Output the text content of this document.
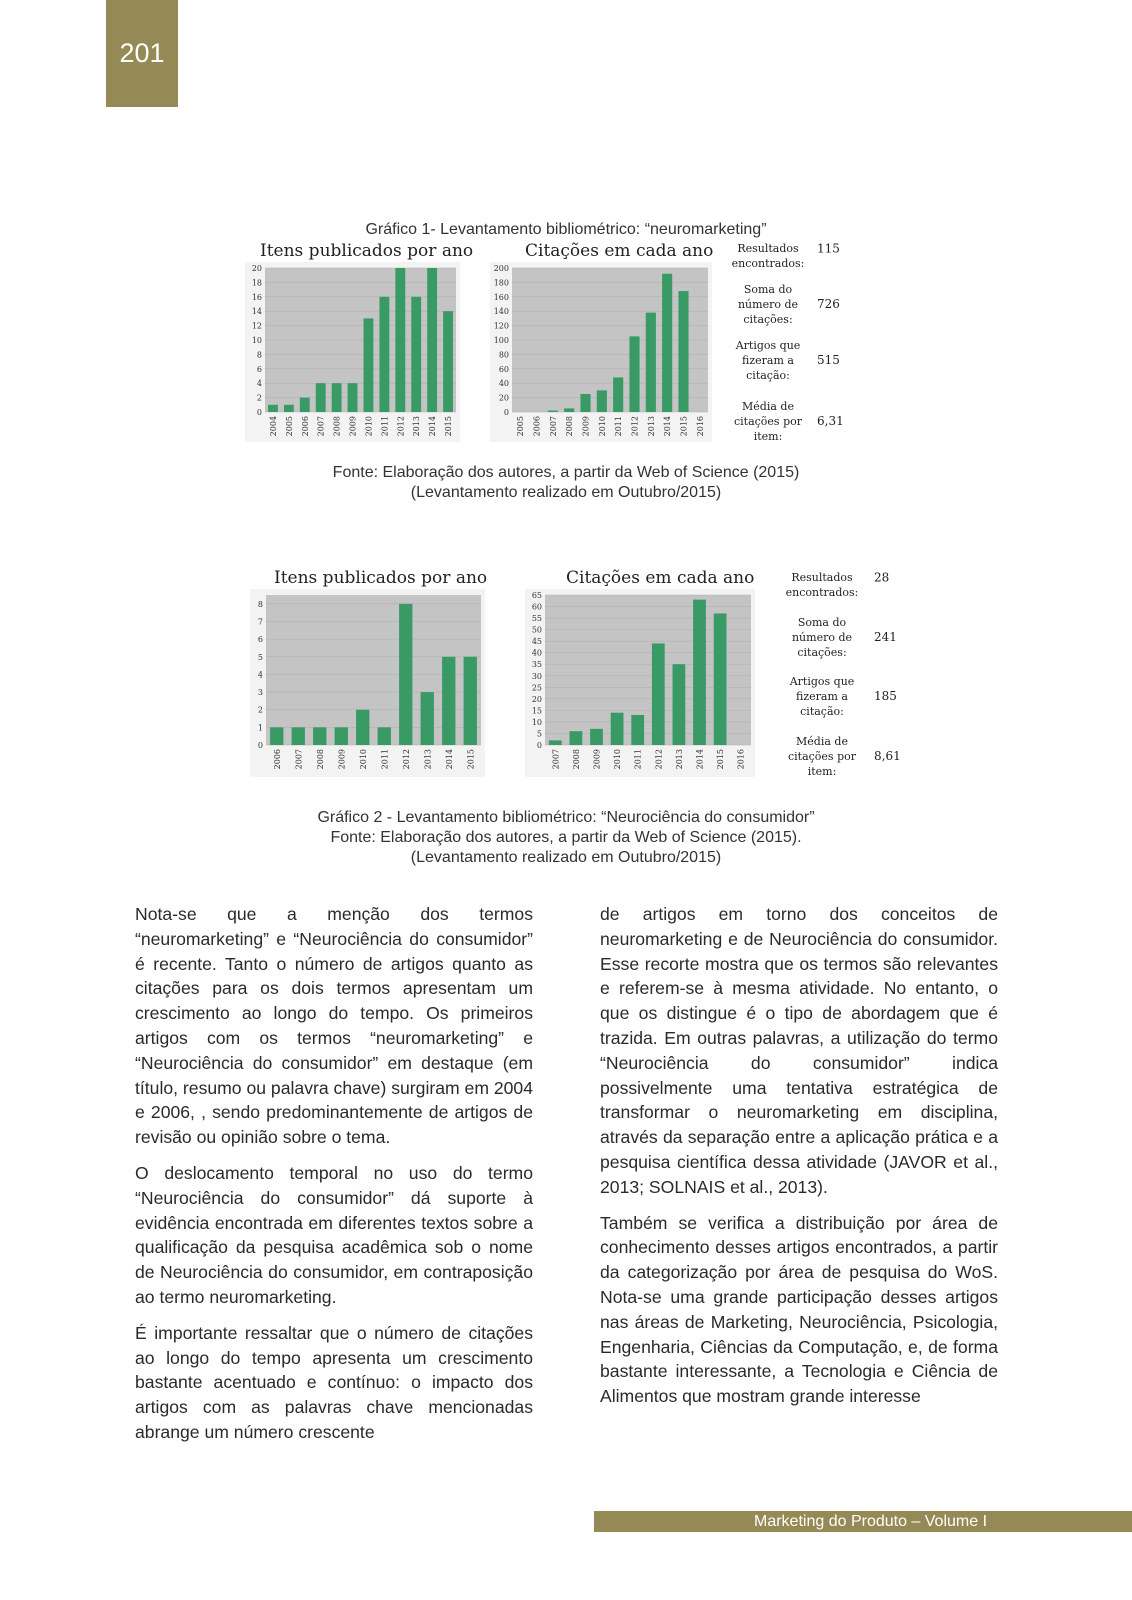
201
Gráfico 1- Levantamento bibliométrico: “neuromarketing”
Itens publicados por ano	Citações em cada ano
0
2
4
6
8
10
12
14
16
18
20
2004 2005 2006 2007 2008 2009 2010 2011 2012 2013 2014 2015
0
20
40
60
80
100
120
140
160
180
200
2005 2006 2007 2008 2009 2010 2011 2012 2013 2014 2015 2016
Resultados
encontrados:
115
Soma do
número de
citações:
726
Artigos que
fizeram a
citação:
515
Média de
citações por
item:
6,31
Fonte: Elaboração dos autores, a partir da Web of Science (2015)
(Levantamento realizado em Outubro/2015)
Itens publicados por ano	Citações em cada ano
0
1
2
3
4
5
6
7
8
2006 2007 2008 2009 2010 2011 2012 2013 2014 2015
0
5
10
15
20
25
30
35
40
45
50
55
60
65
2007 2008 2009 2010 2011 2012 2013 2014 2015 2016
Resultados
encontrados:
28
Soma do
número de
citações:
241
Artigos que
fizeram a
citação:
185
Média de
citações por
item:
8,61
Gráfico 2 - Levantamento bibliométrico: “Neurociência do consumidor”
Fonte: Elaboração dos autores, a partir da Web of Science (2015).
(Levantamento realizado em Outubro/2015)

Nota-se que a menção dos termos “neuromarketing” e “Neurociência do consumidor” é recente. Tanto o número de artigos quanto as citações para os dois termos apresentam um crescimento ao longo do tempo. Os primeiros artigos com os termos “neuromarketing” e “Neurociência do consumidor” em destaque (em título, resumo ou palavra chave) surgiram em 2004 e 2006, , sendo predominantemente de artigos de revisão ou opinião sobre o tema.

O deslocamento temporal no uso do termo “Neurociência do consumidor” dá suporte à evidência encontrada em diferentes textos sobre a qualificação da pesquisa acadêmica sob o nome de Neurociência do consumidor, em contraposição ao termo neuromarketing.

É importante ressaltar que o número de citações ao longo do tempo apresenta um crescimento bastante acentuado e contínuo: o impacto dos artigos com as palavras chave mencionadas abrange um número crescente

de artigos em torno dos conceitos de neuromarketing e de Neurociência do consumidor. Esse recorte mostra que os termos são relevantes e referem-se à mesma atividade. No entanto, o que os distingue é o tipo de abordagem que é trazida. Em outras palavras, a utilização do termo “Neurociência do consumidor” indica possivelmente uma tentativa estratégica de transformar o neuromarketing em disciplina, através da separação entre a aplicação prática e a pesquisa científica dessa atividade (JAVOR et al., 2013; SOLNAIS et al., 2013).

Também se verifica a distribuição por área de conhecimento desses artigos encontrados, a partir da categorização por área de pesquisa do WoS. Nota-se uma grande participação desses artigos nas áreas de Marketing, Neurociência, Psicologia, Engenharia, Ciências da Computação, e, de forma bastante interessante, a Tecnologia e Ciência de Alimentos que mostram grande interesse

Marketing do Produto – Volume I
